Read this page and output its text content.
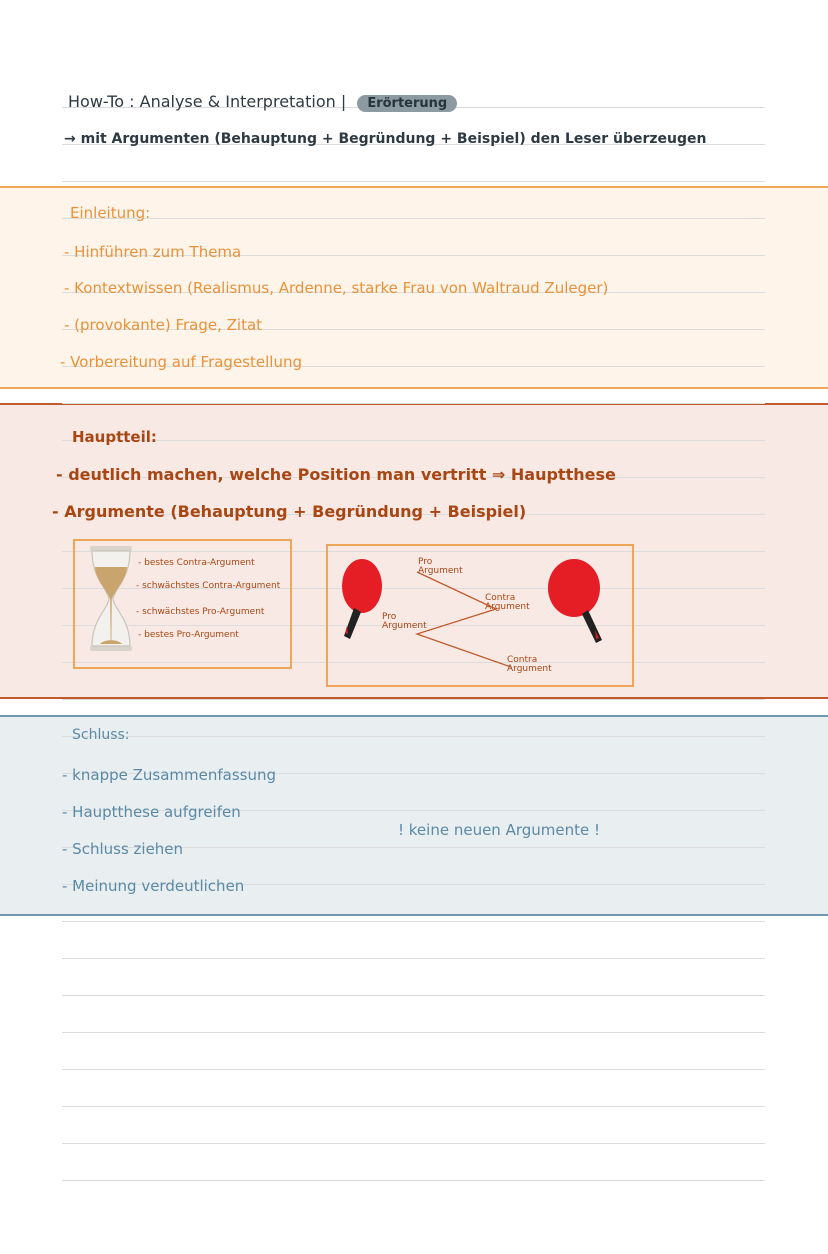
How-To : Analyse & Interpretation | Erörterung
→ mit Argumenten (Behauptung + Begründung + Beispiel) den Leser überzeugen
Einleitung:
- Hinführen zum Thema
- Kontextwissen (Realismus, Ardenne, starke Frau von Waltraud Zuleger)
- (provokante) Frage, Zitat
- Vorbereitung auf Fragestellung
Hauptteil:
- deutlich machen, welche Position man vertritt ⇒ Hauptthese
- Argumente (Behauptung + Begründung + Beispiel)
- bestes Contra-Argument
- schwächstes Contra-Argument
- schwächstes Pro-Argument
- bestes Pro-Argument
Pro
Argument
Contra
Argument
Pro
Argument
Contra
Argument
Schluss:
- knappe Zusammenfassung
- Hauptthese aufgreifen
- Schluss ziehen
- Meinung verdeutlichen
! keine neuen Argumente !
